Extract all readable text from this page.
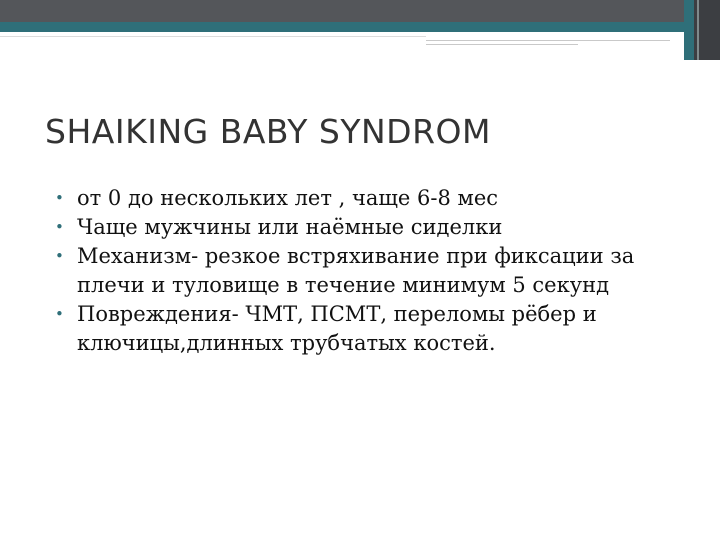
SHAIKING BABY SYNDROM
• от 0 до нескольких лет , чаще 6-8 мес
• Чаще мужчины или наёмные сиделки
• Механизм- резкое встряхивание при фиксации за плечи и туловище в течение минимум 5 секунд
• Повреждения- ЧМТ, ПСМТ, переломы рёбер и ключицы,длинных трубчатых костей.
